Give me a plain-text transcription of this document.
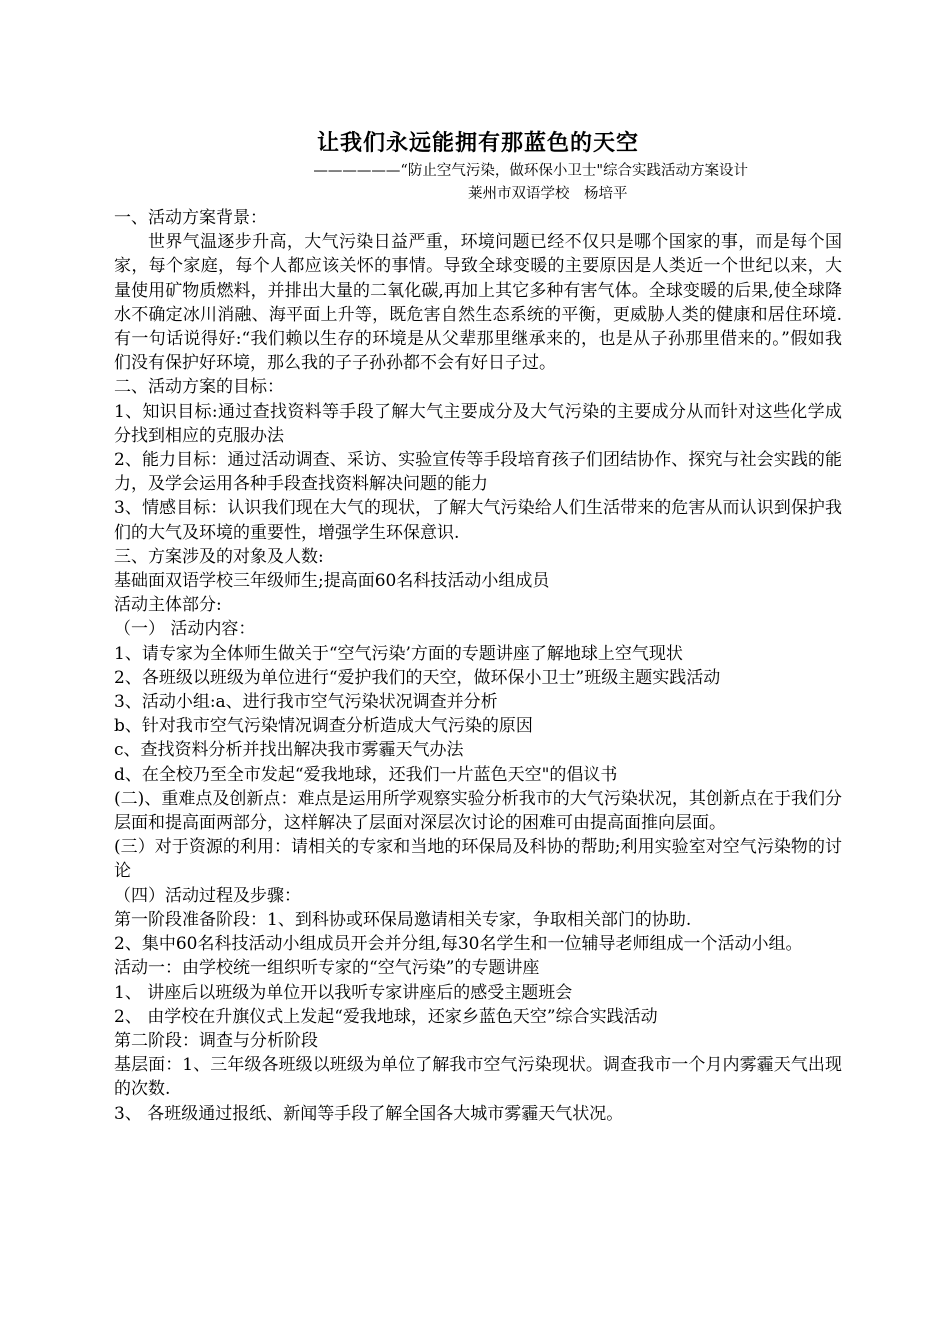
让我们永远能拥有那蓝色的天空

——————“防止空气污染，做环保小卫士"综合实践活动方案设计

莱州市双语学校　杨培平

一、活动方案背景：

世界气温逐步升高，大气污染日益严重，环境问题已经不仅只是哪个国家的事，而是每个国家，每个家庭，每个人都应该关怀的事情。导致全球变暖的主要原因是人类近一个世纪以来，大量使用矿物质燃料，并排出大量的二氧化碳,再加上其它多种有害气体。全球变暖的后果,使全球降水不确定冰川消融、海平面上升等，既危害自然生态系统的平衡，更威胁人类的健康和居住环境.有一句话说得好:“我们赖以生存的环境是从父辈那里继承来的，也是从子孙那里借来的。”假如我们没有保护好环境，那么我的子子孙孙都不会有好日子过。

二、活动方案的目标：

1、知识目标:通过查找资料等手段了解大气主要成分及大气污染的主要成分从而针对这些化学成分找到相应的克服办法

2、能力目标：通过活动调查、采访、实验宣传等手段培育孩子们团结协作、探究与社会实践的能力，及学会运用各种手段查找资料解决问题的能力

3、情感目标：认识我们现在大气的现状，了解大气污染给人们生活带来的危害从而认识到保护我们的大气及环境的重要性，增强学生环保意识.

三、方案涉及的对象及人数:

基础面双语学校三年级师生;提高面60名科技活动小组成员

活动主体部分:

（一） 活动内容：

1、请专家为全体师生做关于“空气污染’方面的专题讲座了解地球上空气现状

2、各班级以班级为单位进行“爱护我们的天空，做环保小卫士”班级主题实践活动

3、活动小组:a、进行我市空气污染状况调查并分析

b、针对我市空气污染情况调查分析造成大气污染的原因

c、查找资料分析并找出解决我市雾霾天气办法

d、在全校乃至全市发起“爱我地球，还我们一片蓝色天空"的倡议书

(二)、重难点及创新点：难点是运用所学观察实验分析我市的大气污染状况，其创新点在于我们分层面和提高面两部分，这样解决了层面对深层次讨论的困难可由提高面推向层面。

(三）对于资源的利用：请相关的专家和当地的环保局及科协的帮助;利用实验室对空气污染物的讨论

（四）活动过程及步骤：

第一阶段准备阶段：1、到科协或环保局邀请相关专家，争取相关部门的协助.

2、集中60名科技活动小组成员开会并分组,每30名学生和一位辅导老师组成一个活动小组。

活动一：由学校统一组织听专家的“空气污染”的专题讲座

1、 讲座后以班级为单位开以我听专家讲座后的感受主题班会

2、 由学校在升旗仪式上发起“爱我地球，还家乡蓝色天空”综合实践活动

第二阶段：调查与分析阶段

基层面：1、三年级各班级以班级为单位了解我市空气污染现状。调查我市一个月内雾霾天气出现的次数.

3、 各班级通过报纸、新闻等手段了解全国各大城市雾霾天气状况。
